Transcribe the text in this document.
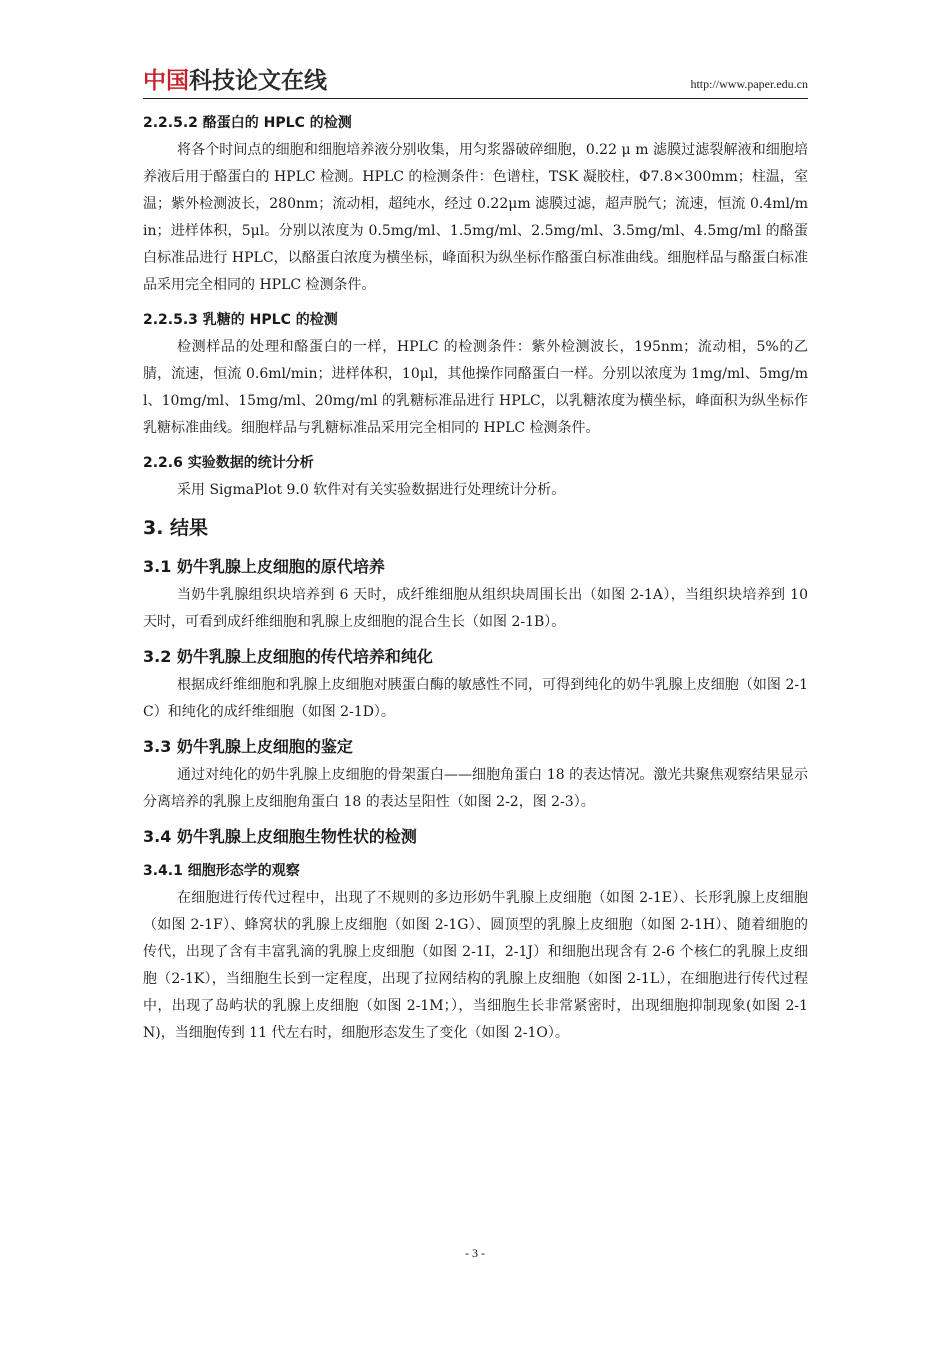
中国科技论文在线	http://www.paper.edu.cn
2.2.5.2 酪蛋白的 HPLC 的检测

将各个时间点的细胞和细胞培养液分别收集，用匀浆器破碎细胞，0.22 μ m 滤膜过滤裂解液和细胞培养液后用于酪蛋白的 HPLC 检测。HPLC 的检测条件：色谱柱，TSK 凝胶柱，Φ7.8×300mm；柱温，室温；紫外检测波长，280nm；流动相，超纯水，经过 0.22μm 滤膜过滤，超声脱气；流速，恒流 0.4ml/min；进样体积，5μl。分别以浓度为 0.5mg/ml、1.5mg/ml、2.5mg/ml、3.5mg/ml、4.5mg/ml 的酪蛋白标准品进行 HPLC，以酪蛋白浓度为横坐标，峰面积为纵坐标作酪蛋白标准曲线。细胞样品与酪蛋白标准品采用完全相同的 HPLC 检测条件。

2.2.5.3 乳糖的 HPLC 的检测

检测样品的处理和酪蛋白的一样，HPLC 的检测条件：紫外检测波长，195nm；流动相，5%的乙腈，流速，恒流 0.6ml/min；进样体积，10μl，其他操作同酪蛋白一样。分别以浓度为 1mg/ml、5mg/ml、10mg/ml、15mg/ml、20mg/ml 的乳糖标准品进行 HPLC，以乳糖浓度为横坐标，峰面积为纵坐标作乳糖标准曲线。细胞样品与乳糖标准品采用完全相同的 HPLC 检测条件。

2.2.6 实验数据的统计分析

采用 SigmaPlot 9.0 软件对有关实验数据进行处理统计分析。

3. 结果
3.1 奶牛乳腺上皮细胞的原代培养

当奶牛乳腺组织块培养到 6 天时，成纤维细胞从组织块周围长出（如图 2-1A），当组织块培养到 10 天时，可看到成纤维细胞和乳腺上皮细胞的混合生长（如图 2-1B）。

3.2 奶牛乳腺上皮细胞的传代培养和纯化

根据成纤维细胞和乳腺上皮细胞对胰蛋白酶的敏感性不同，可得到纯化的奶牛乳腺上皮细胞（如图 2-1C）和纯化的成纤维细胞（如图 2-1D）。

3.3 奶牛乳腺上皮细胞的鉴定

通过对纯化的奶牛乳腺上皮细胞的骨架蛋白——细胞角蛋白 18 的表达情况。激光共聚焦观察结果显示分离培养的乳腺上皮细胞角蛋白 18 的表达呈阳性（如图 2-2，图 2-3）。

3.4 奶牛乳腺上皮细胞生物性状的检测
3.4.1 细胞形态学的观察

在细胞进行传代过程中，出现了不规则的多边形奶牛乳腺上皮细胞（如图 2-1E）、长形乳腺上皮细胞（如图 2-1F）、蜂窝状的乳腺上皮细胞（如图 2-1G）、圆顶型的乳腺上皮细胞（如图 2-1H）、随着细胞的传代，出现了含有丰富乳滴的乳腺上皮细胞（如图 2-1I，2-1J）和细胞出现含有 2-6 个核仁的乳腺上皮细胞（2-1K），当细胞生长到一定程度，出现了拉网结构的乳腺上皮细胞（如图 2-1L），在细胞进行传代过程中，出现了岛屿状的乳腺上皮细胞（如图 2-1M；），当细胞生长非常紧密时，出现细胞抑制现象(如图 2-1N)，当细胞传到 11 代左右时，细胞形态发生了变化（如图 2-1O）。

- 3 -
